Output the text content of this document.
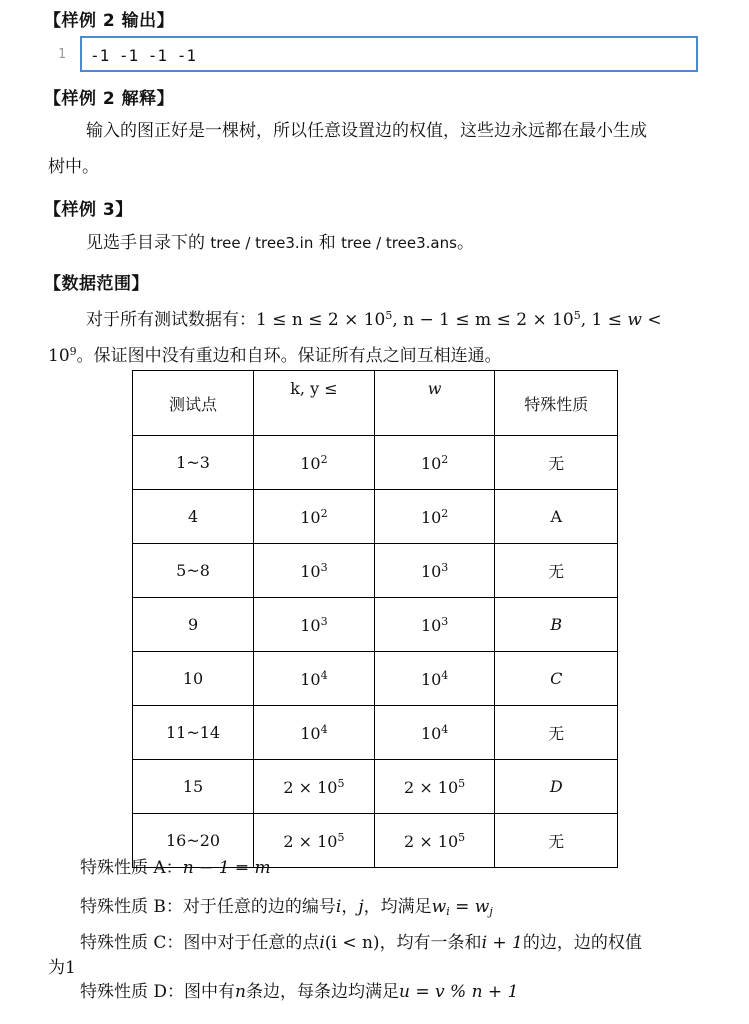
【样例 2 输出】
1 -1 -1 -1 -1
【样例 2 解释】
输入的图正好是一棵树，所以任意设置边的权值，这些边永远都在最小生成
树中。
【样例 3】
见选手目录下的 tree / tree3.in 和 tree / tree3.ans。
【数据范围】
对于所有测试数据有：$1 \le n \le 2 \times 10^5$, $n - 1 \le m \le 2 \times 10^5$, 1 ≤ w <
$10^9$。保证图中没有重边和自环。保证所有点之间互相连通。
测试点	k, y ≤	w	特殊性质
1~3	$10^2$	$10^2$	无
4	$10^2$	$10^2$	A
5~8	$10^3$	$10^3$	无
9	$10^3$	$10^3$	B
10	$10^4$	$10^4$	C
11~14	$10^4$	$10^4$	无
15	$2 \times 10^5$	$2 \times 10^5$	D
16~20	$2 \times 10^5$	$2 \times 10^5$	无
特殊性质 A：n − 1 = m
特殊性质 B：对于任意的边的编号i，j，均满足$w_i = w_j$
特殊性质 C：图中对于任意的点i(i < n)，均有一条和i + 1的边，边的权值
为1
特殊性质 D：图中有n条边，每条边均满足u = v % n + 1
